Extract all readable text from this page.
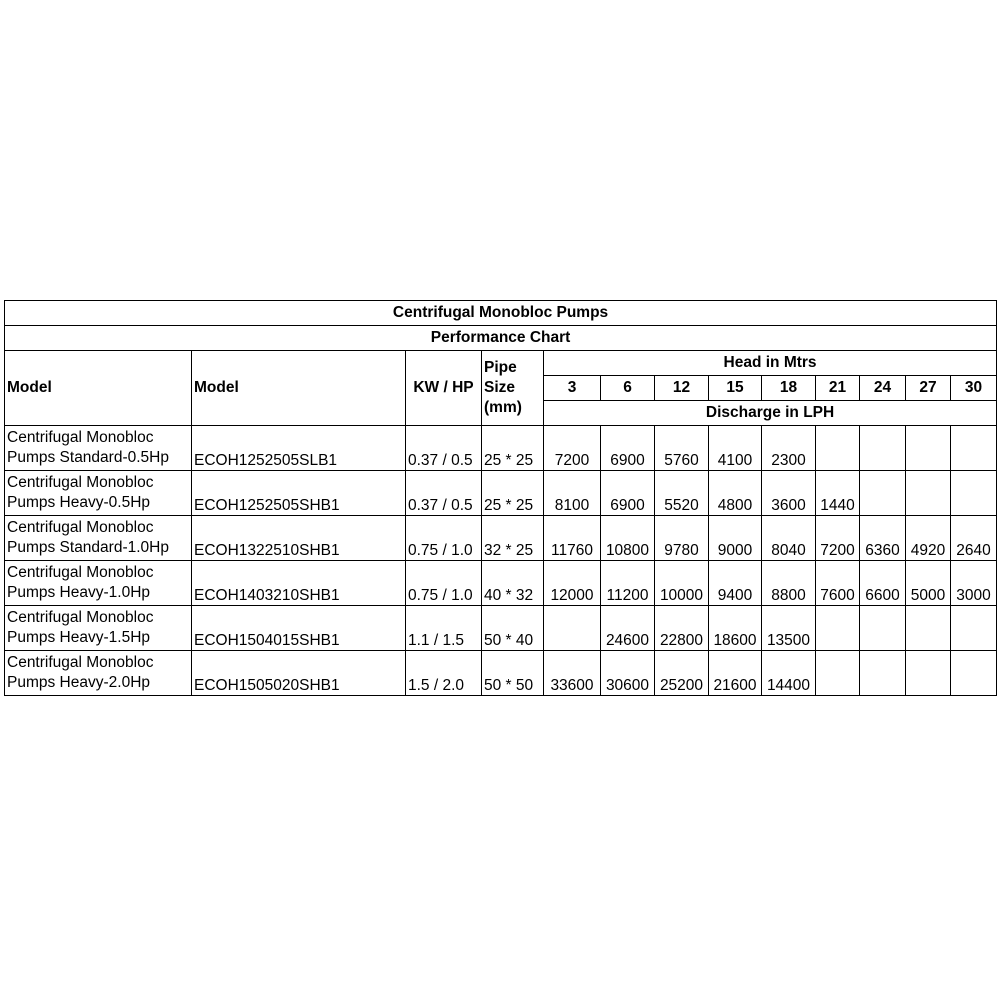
Centrifugal Monobloc Pumps												
Performance Chart												
Model	Model	KW / HP	Pipe
Size
(mm)	Head in Mtrs								
				3	6	12	15	18	21	24	27	30
				Discharge in LPH								
Centrifugal Monobloc
Pumps Standard-0.5Hp	ECOH1252505SLB1	0.37 / 0.5	25 * 25	7200	6900	5760	4100	2300				
Centrifugal Monobloc
Pumps Heavy-0.5Hp	ECOH1252505SHB1	0.37 / 0.5	25 * 25	8100	6900	5520	4800	3600	1440			
Centrifugal Monobloc
Pumps Standard-1.0Hp	ECOH1322510SHB1	0.75 / 1.0	32 * 25	11760	10800	9780	9000	8040	7200	6360	4920	2640
Centrifugal Monobloc
Pumps Heavy-1.0Hp	ECOH1403210SHB1	0.75 / 1.0	40 * 32	12000	11200	10000	9400	8800	7600	6600	5000	3000
Centrifugal Monobloc
Pumps Heavy-1.5Hp	ECOH1504015SHB1	1.1 / 1.5	50 * 40		24600	22800	18600	13500				
Centrifugal Monobloc
Pumps Heavy-2.0Hp	ECOH1505020SHB1	1.5 / 2.0	50 * 50	33600	30600	25200	21600	14400				
